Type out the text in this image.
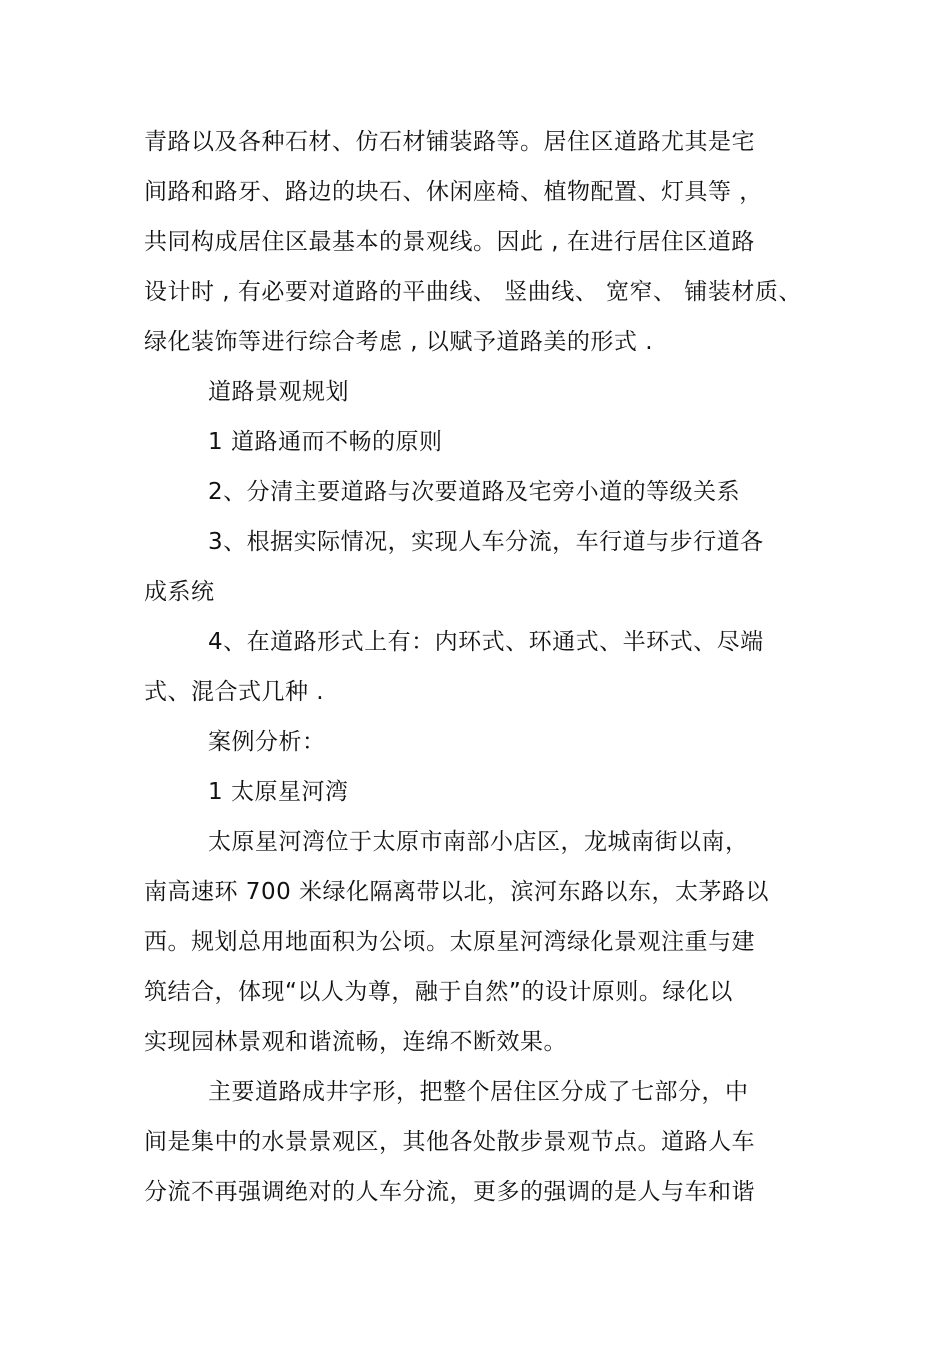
青路以及各种石材、仿石材铺装路等。居住区道路尤其是宅
间路和路牙、路边的块石、休闲座椅、植物配置、灯具等 ，
共同构成居住区最基本的景观线。因此 , 在进行居住区道路
设计时 , 有必要对道路的平曲线、 竖曲线、 宽窄、 铺装材质、
绿化装饰等进行综合考虑 , 以赋予道路美的形式 .
道路景观规划
1 道路通而不畅的原则
2、分清主要道路与次要道路及宅旁小道的等级关系
3、根据实际情况，实现人车分流，车行道与步行道各
成系统
4、在道路形式上有：内环式、环通式、半环式、尽端
式、混合式几种 .
案例分析：
1 太原星河湾
太原星河湾位于太原市南部小店区，龙城南街以南，
南高速环 700 米绿化隔离带以北，滨河东路以东，太茅路以
西。规划总用地面积为公顷。太原星河湾绿化景观注重与建
筑结合，体现“以人为尊，融于自然”的设计原则。绿化以
实现园林景观和谐流畅，连绵不断效果。
主要道路成井字形，把整个居住区分成了七部分，中
间是集中的水景景观区，其他各处散步景观节点。道路人车
分流不再强调绝对的人车分流，更多的强调的是人与车和谐
